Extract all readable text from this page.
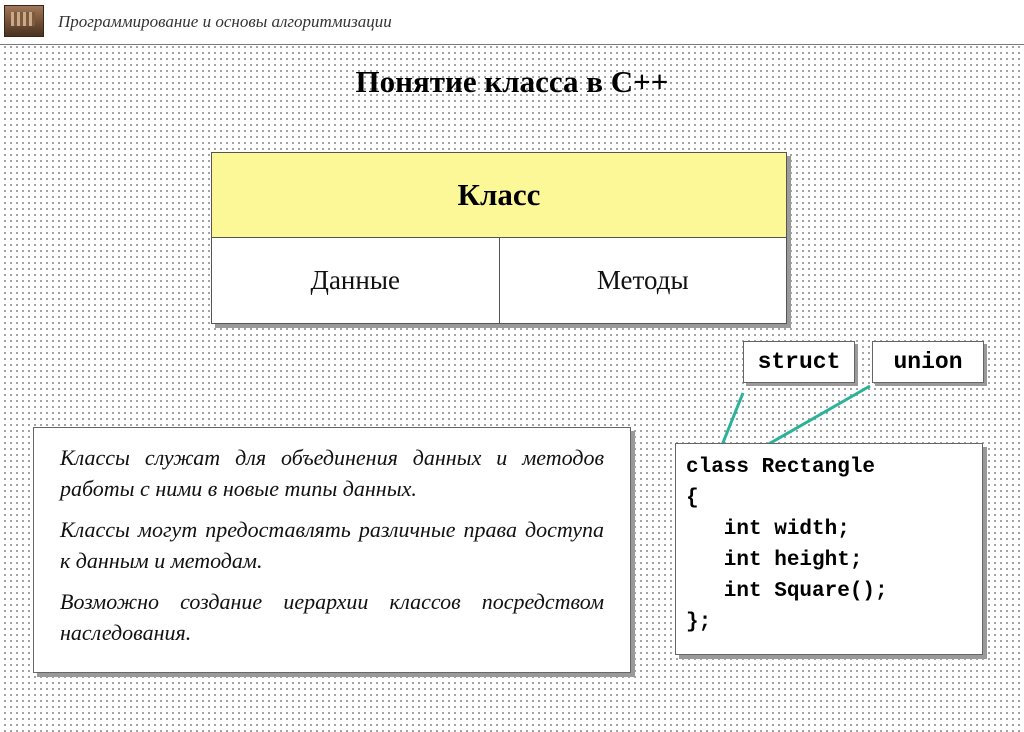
Программирование и основы алгоритмизации
Понятие класса в С++
Класс
Данные	Методы
struct	union

Классы служат для объединения данных и методов работы с ними в новые типы данных.

Классы могут предоставлять различные права доступа к данным и методам.

Возможно создание иерархии классов посредством наследования.

class Rectangle
{
int width;
int height;
int Square();
};
